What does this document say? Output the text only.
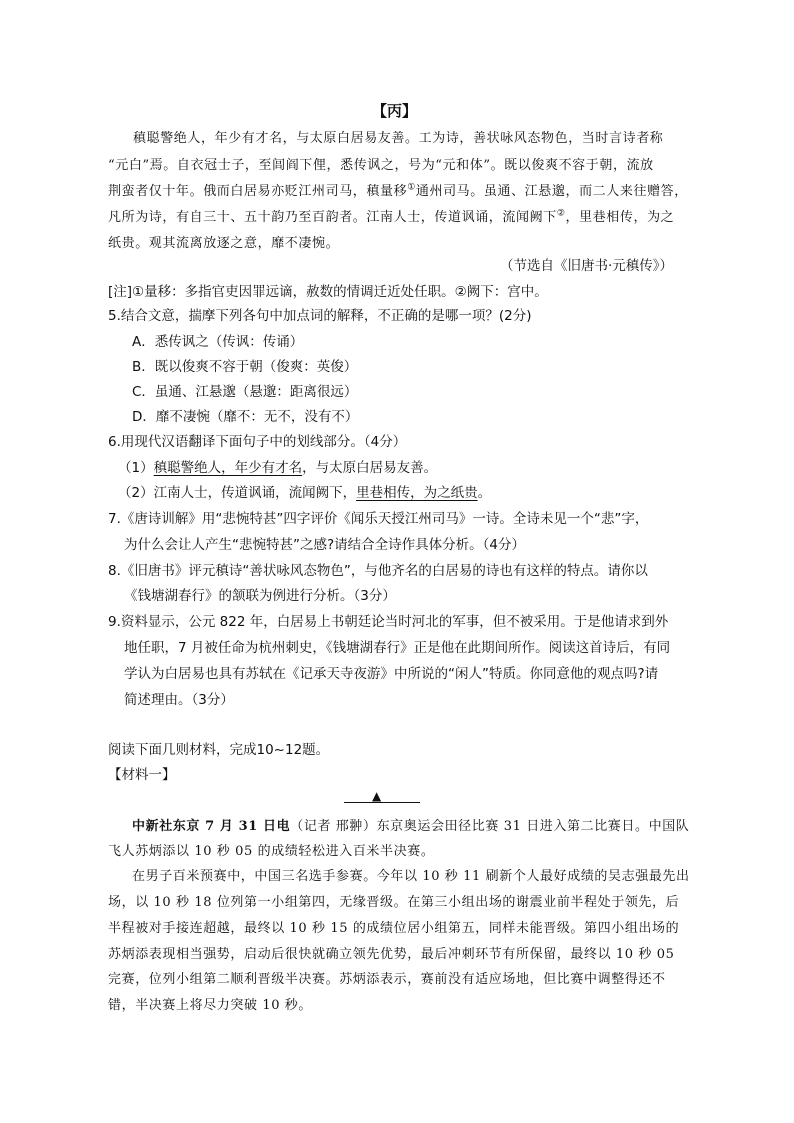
【丙】
稹聪警绝人，年少有才名，与太原白居易友善。工为诗，善状咏风态物色，当时言诗者称
“元白”焉。自衣冠士子，至闾阎下俚，悉传讽之，号为“元和体”。既以俊爽不容于朝，流放
荆蛮者仅十年。俄而白居易亦贬江州司马，稹量移①通州司马。虽通、江悬邈，而二人来往赠答，
凡所为诗，有自三十、五十韵乃至百韵者。江南人士，传道讽诵，流闻阙下②，里巷相传，为之
纸贵。观其流离放逐之意，靡不凄惋。
（节选自《旧唐书·元稹传》）
[注]①量移：多指官吏因罪远谪，赦数的情调迁近处任职。②阙下：宫中。
5.结合文意，揣摩下列各句中加点词的解释，不正确的是哪一项？(2分)
A．悉传讽之（传讽：传诵）
B．既以俊爽不容于朝（俊爽：英俊）
C．虽通、江悬邈（悬邈：距离很远）
D．靡不凄惋（靡不：无不，没有不）
6.用现代汉语翻译下面句子中的划线部分。（4分）
（1）稹聪警绝人，年少有才名，与太原白居易友善。
（2）江南人士，传道讽诵，流闻阙下，里巷相传，为之纸贵。
7.《唐诗训解》用“悲惋特甚”四字评价《闻乐天授江州司马》一诗。全诗未见一个“悲”字，
为什么会让人产生“悲惋特甚”之感?请结合全诗作具体分析。（4分）
8.《旧唐书》评元稹诗“善状咏风态物色”，与他齐名的白居易的诗也有这样的特点。请你以
《钱塘湖春行》的颔联为例进行分析。（3分）
9.资料显示，公元 822 年，白居易上书朝廷论当时河北的军事，但不被采用。于是他请求到外
地任职，7 月被任命为杭州刺史，《钱塘湖春行》正是他在此期间所作。阅读这首诗后，有同
学认为白居易也具有苏轼在《记承天寺夜游》中所说的“闲人”特质。你同意他的观点吗?请
简述理由。（3分）
阅读下面几则材料，完成10~12题。
【材料一】
▲
中新社东京 7 月 31 日电（记者 邢翀）东京奥运会田径比赛 31 日进入第二比赛日。中国队
飞人苏炳添以 10 秒 05 的成绩轻松进入百米半决赛。
在男子百米预赛中，中国三名选手参赛。今年以 10 秒 11 刷新个人最好成绩的吴志强最先出
场，以 10 秒 18 位列第一小组第四，无缘晋级。在第三小组出场的谢震业前半程处于领先，后
半程被对手接连超越，最终以 10 秒 15 的成绩位居小组第五，同样未能晋级。第四小组出场的
苏炳添表现相当强势，启动后很快就确立领先优势，最后冲刺环节有所保留，最终以 10 秒 05
完赛，位列小组第二顺利晋级半决赛。苏炳添表示，赛前没有适应场地，但比赛中调整得还不
错，半决赛上将尽力突破 10 秒。
